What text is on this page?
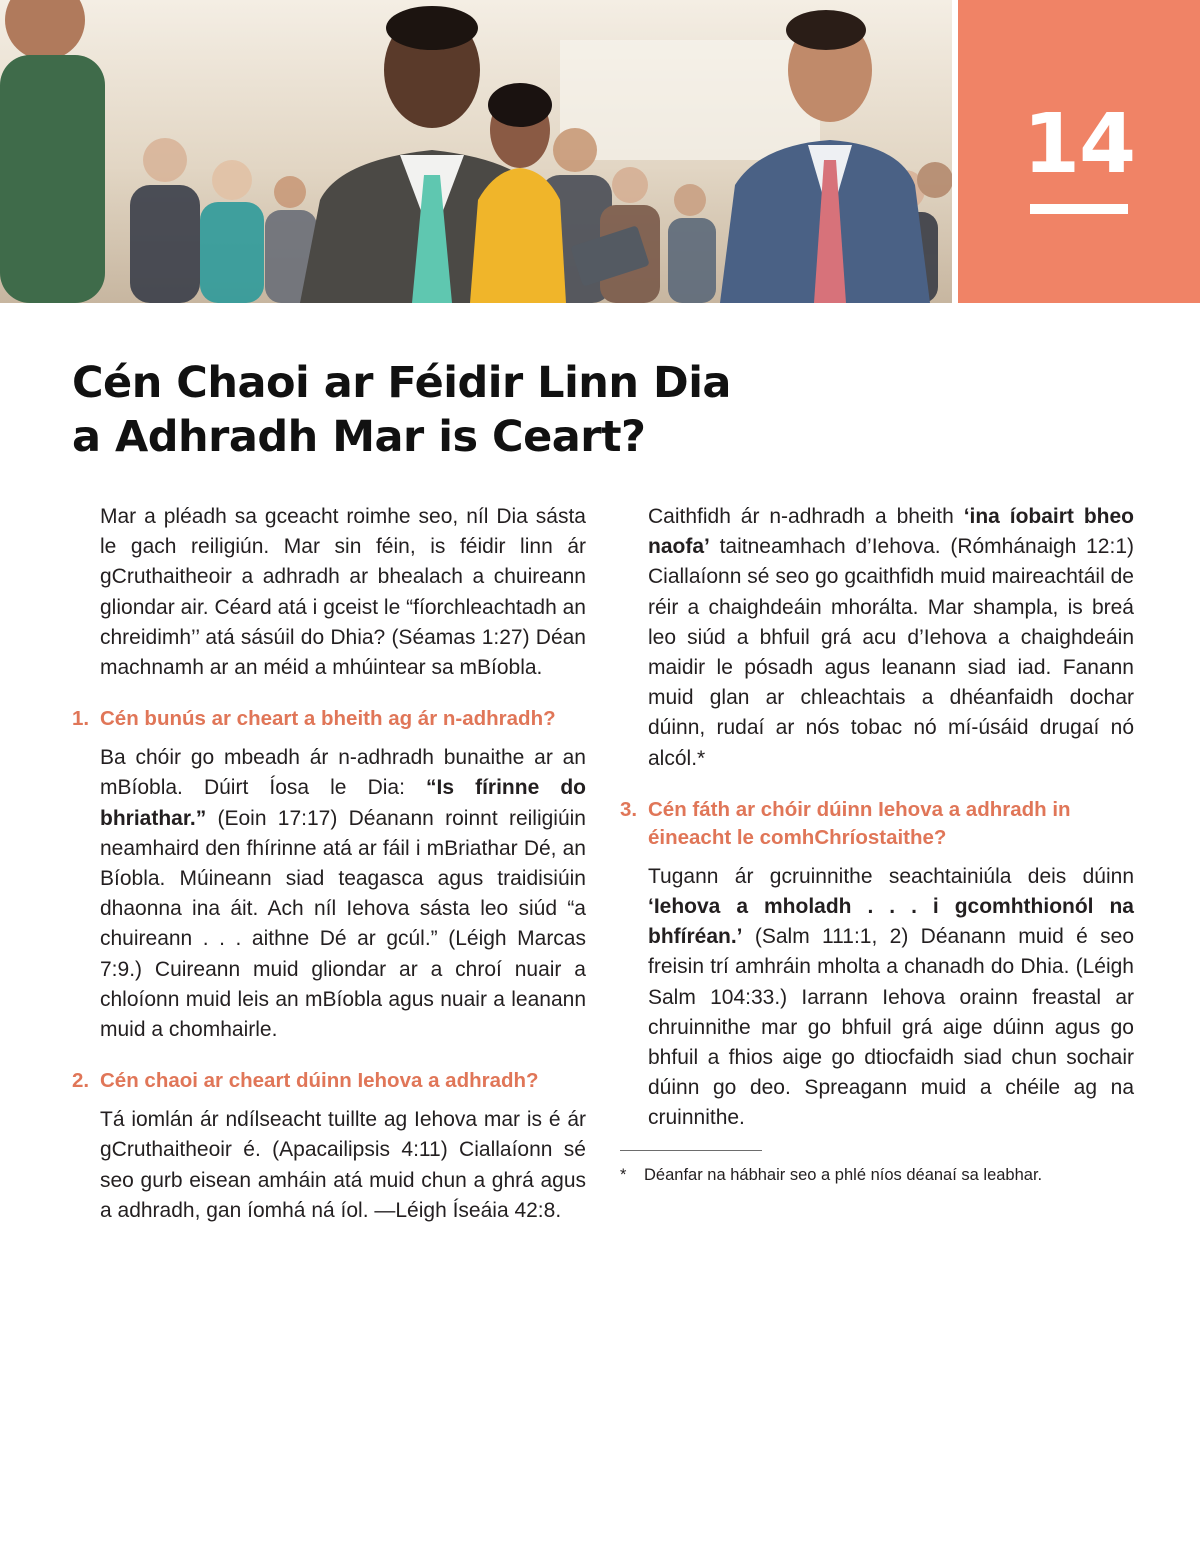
14
Cén Chaoi ar Féidir Linn Dia
a Adhradh Mar is Ceart?

Mar a pléadh sa gceacht roimhe seo, níl Dia sásta le gach reiligiún. Mar sin féin, is féidir linn ár gCruthaitheoir a adhradh ar bhealach a chuireann gliondar air. Céard atá i gceist le “fíorchleachtadh an chreidimh’’ atá sásúil do Dhia? (Séamas 1:27) Déan machnamh ar an méid a mhúintear sa mBíobla.

1. Cén bunús ar cheart a bheith ag ár n-adhradh?

Ba chóir go mbeadh ár n-adhradh bunaithe ar an mBíobla. Dúirt Íosa le Dia: “Is fírinne do bhriathar.” (Eoin 17:17) Déanann roinnt reiligiúin neamhaird den fhírinne atá ar fáil i mBriathar Dé, an Bíobla. Múineann siad teagasca agus traidisiúin dhaonna ina áit. Ach níl Iehova sásta leo siúd “a chuireann . . . aithne Dé ar gcúl.” (Léigh Marcas 7:9.) Cuireann muid gliondar ar a chroí nuair a chloíonn muid leis an mBíobla agus nuair a leanann muid a chomhairle.

2. Cén chaoi ar cheart dúinn Iehova a adhradh?

Tá iomlán ár ndílseacht tuillte ag Iehova mar is é ár gCruthaitheoir é. (Apacailipsis 4:11) Ciallaíonn sé seo gurb eisean amháin atá muid chun a ghrá agus a adhradh, gan íomhá ná íol. —Léigh Íseáia 42:8.

Caithfidh ár n-adhradh a bheith ‘ina íobairt bheo naofa’ taitneamhach d’Iehova. (Rómhánaigh 12:1) Ciallaíonn sé seo go gcaithfidh muid maireachtáil de réir a chaighdeáin mhorálta. Mar shampla, is breá leo siúd a bhfuil grá acu d’Iehova a chaighdeáin maidir le pósadh agus leanann siad iad. Fanann muid glan ar chleachtais a dhéanfaidh dochar dúinn, rudaí ar nós tobac nó mí-úsáid drugaí nó alcól.*

3. Cén fáth ar chóir dúinn Iehova a adhradh in éineacht le comhChríostaithe?

Tugann ár gcruinnithe seachtainiúla deis dúinn ‘Iehova a mholadh . . . i gcomhthionól na bhfíréan.’ (Salm 111:1, 2) Déanann muid é seo freisin trí amhráin mholta a chanadh do Dhia. (Léigh Salm 104:33.) Iarrann Iehova orainn freastal ar chruinnithe mar go bhfuil grá aige dúinn agus go bhfuil a fhios aige go dtiocfaidh siad chun sochair dúinn go deo. Spreagann muid a chéile ag na cruinnithe.

* Déanfar na hábhair seo a phlé níos déanaí sa leabhar.
